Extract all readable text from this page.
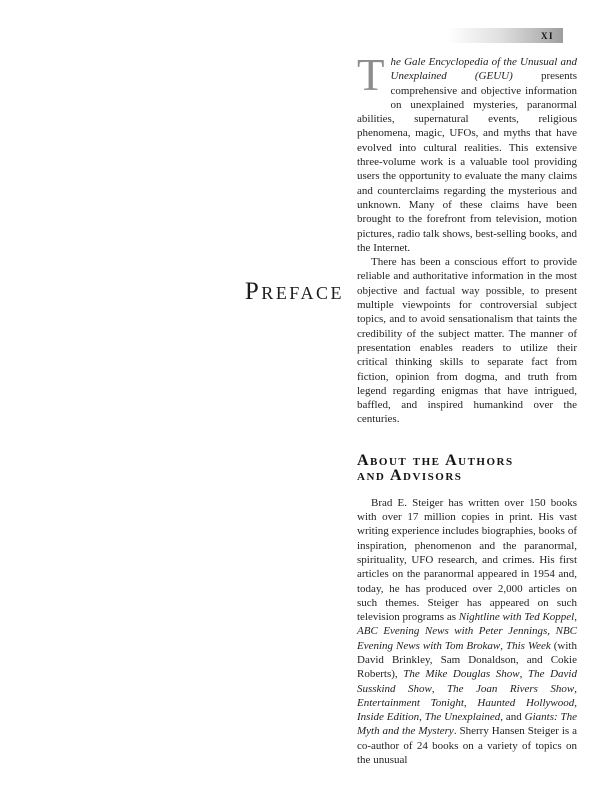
XI
Preface

The Gale Encyclopedia of the Unusual and Unexplained (GEUU) presents comprehensive and objective information on unexplained mysteries, paranormal abilities, supernatural events, religious phenomena, magic, UFOs, and myths that have evolved into cultural realities. This extensive three-volume work is a valuable tool providing users the opportunity to evaluate the many claims and counterclaims regarding the mysterious and unknown. Many of these claims have been brought to the forefront from television, motion pictures, radio talk shows, best-selling books, and the Internet.

There has been a conscious effort to provide reliable and authoritative information in the most objective and factual way possible, to present multiple viewpoints for controversial subject topics, and to avoid sensationalism that taints the credibility of the subject matter. The manner of presentation enables readers to utilize their critical thinking skills to separate fact from fiction, opinion from dogma, and truth from legend regarding enigmas that have intrigued, baffled, and inspired humankind over the centuries.

About the Authors
and Advisors

Brad E. Steiger has written over 150 books with over 17 million copies in print. His vast writing experience includes biographies, books of inspiration, phenomenon and the paranormal, spirituality, UFO research, and crimes. His first articles on the paranormal appeared in 1954 and, today, he has produced over 2,000 articles on such themes. Steiger has appeared on such television programs as Nightline with Ted Koppel, ABC Evening News with Peter Jennings, NBC Evening News with Tom Brokaw, This Week (with David Brinkley, Sam Donaldson, and Cokie Roberts), The Mike Douglas Show, The David Susskind Show, The Joan Rivers Show, Entertainment Tonight, Haunted Hollywood, Inside Edition, The Unexplained, and Giants: The Myth and the Mystery. Sherry Hansen Steiger is a co-author of 24 books on a variety of topics on the unusual
